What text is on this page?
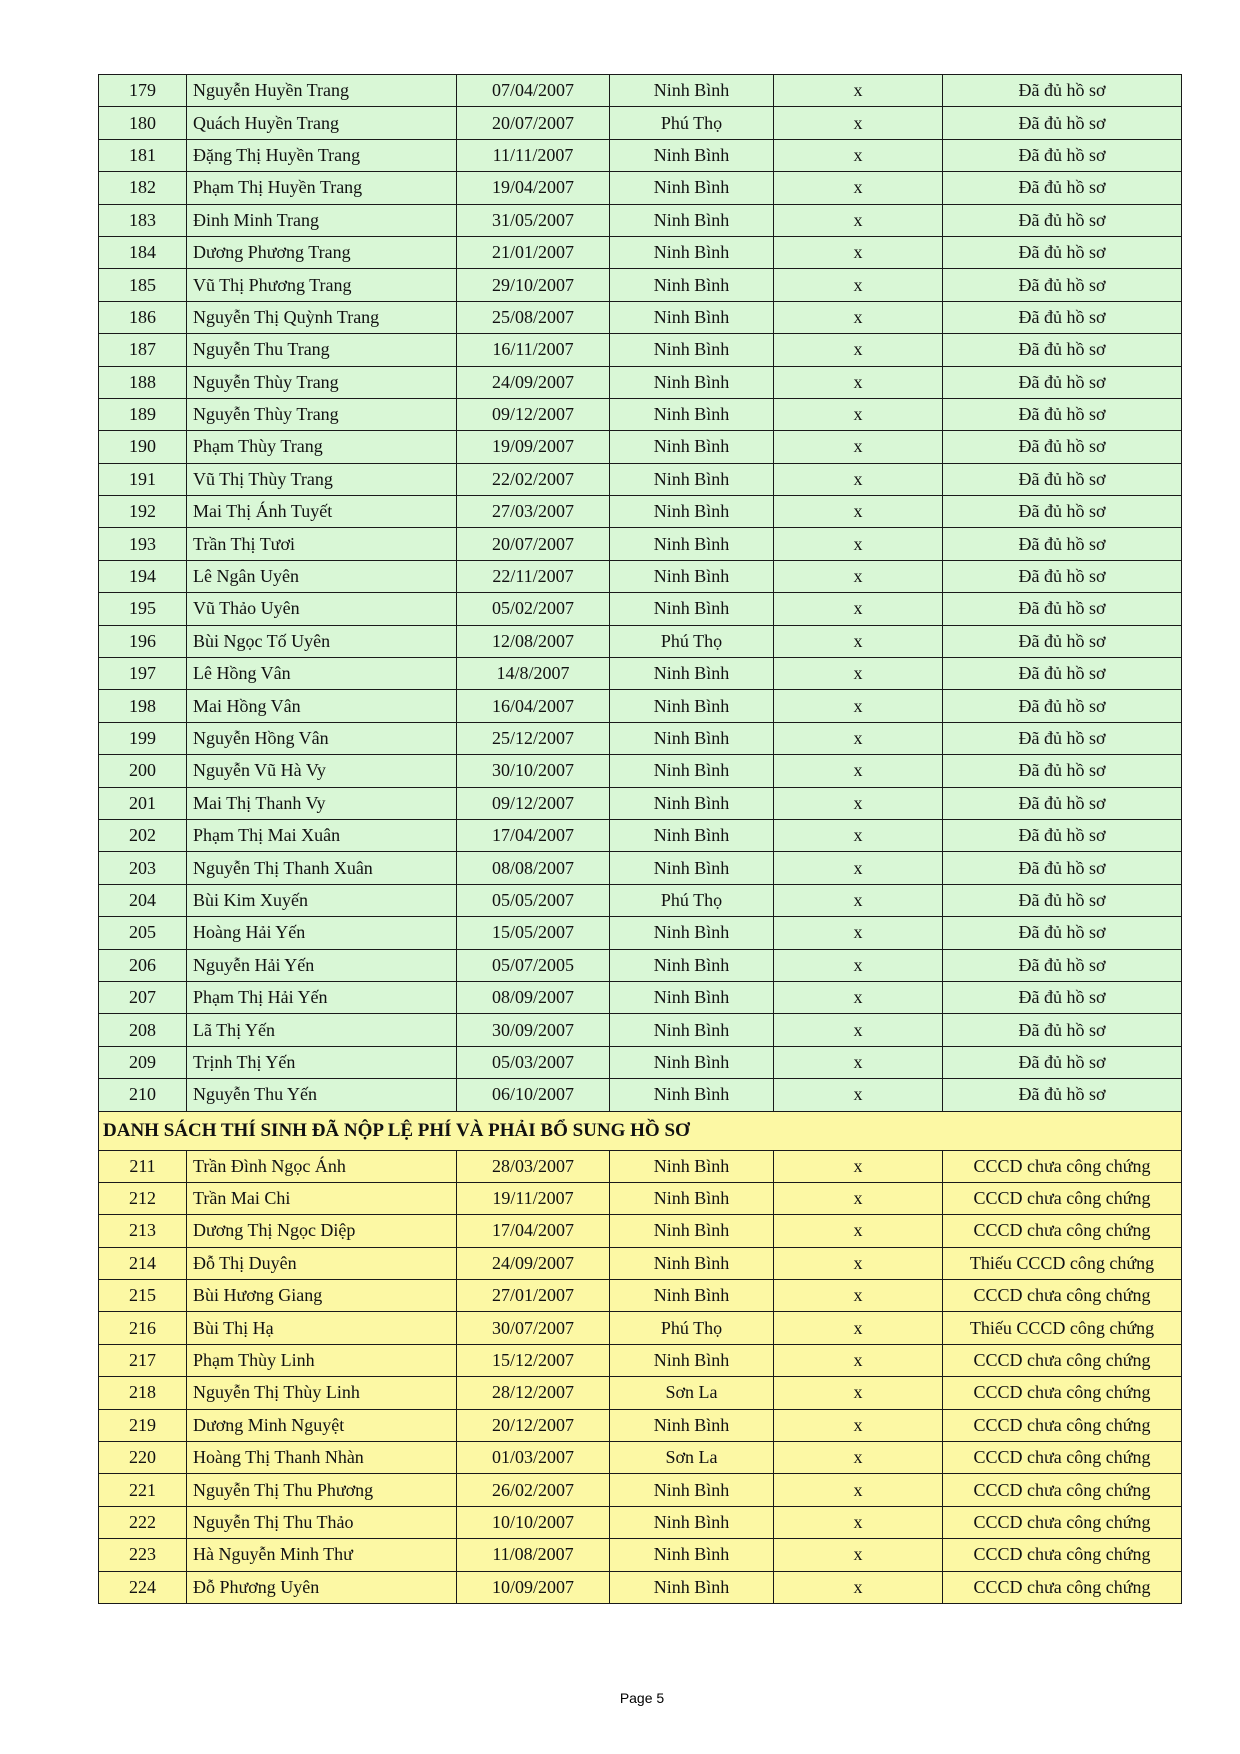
179	Nguyễn Huyền Trang	07/04/2007	Ninh Bình	x	Đã đủ hồ sơ
180	Quách Huyền Trang	20/07/2007	Phú Thọ	x	Đã đủ hồ sơ
181	Đặng Thị Huyền Trang	11/11/2007	Ninh Bình	x	Đã đủ hồ sơ
182	Phạm Thị Huyền Trang	19/04/2007	Ninh Bình	x	Đã đủ hồ sơ
183	Đinh Minh Trang	31/05/2007	Ninh Bình	x	Đã đủ hồ sơ
184	Dương Phương Trang	21/01/2007	Ninh Bình	x	Đã đủ hồ sơ
185	Vũ Thị Phương Trang	29/10/2007	Ninh Bình	x	Đã đủ hồ sơ
186	Nguyễn Thị Quỳnh Trang	25/08/2007	Ninh Bình	x	Đã đủ hồ sơ
187	Nguyễn Thu Trang	16/11/2007	Ninh Bình	x	Đã đủ hồ sơ
188	Nguyễn Thùy Trang	24/09/2007	Ninh Bình	x	Đã đủ hồ sơ
189	Nguyễn Thùy Trang	09/12/2007	Ninh Bình	x	Đã đủ hồ sơ
190	Phạm Thùy Trang	19/09/2007	Ninh Bình	x	Đã đủ hồ sơ
191	Vũ Thị Thùy Trang	22/02/2007	Ninh Bình	x	Đã đủ hồ sơ
192	Mai Thị Ánh Tuyết	27/03/2007	Ninh Bình	x	Đã đủ hồ sơ
193	Trần Thị Tươi	20/07/2007	Ninh Bình	x	Đã đủ hồ sơ
194	Lê Ngân Uyên	22/11/2007	Ninh Bình	x	Đã đủ hồ sơ
195	Vũ Thảo Uyên	05/02/2007	Ninh Bình	x	Đã đủ hồ sơ
196	Bùi Ngọc Tố Uyên	12/08/2007	Phú Thọ	x	Đã đủ hồ sơ
197	Lê Hồng Vân	14/8/2007	Ninh Bình	x	Đã đủ hồ sơ
198	Mai Hồng Vân	16/04/2007	Ninh Bình	x	Đã đủ hồ sơ
199	Nguyễn Hồng Vân	25/12/2007	Ninh Bình	x	Đã đủ hồ sơ
200	Nguyễn Vũ Hà Vy	30/10/2007	Ninh Bình	x	Đã đủ hồ sơ
201	Mai Thị Thanh Vy	09/12/2007	Ninh Bình	x	Đã đủ hồ sơ
202	Phạm Thị Mai Xuân	17/04/2007	Ninh Bình	x	Đã đủ hồ sơ
203	Nguyễn Thị Thanh Xuân	08/08/2007	Ninh Bình	x	Đã đủ hồ sơ
204	Bùi Kim Xuyến	05/05/2007	Phú Thọ	x	Đã đủ hồ sơ
205	Hoàng Hải Yến	15/05/2007	Ninh Bình	x	Đã đủ hồ sơ
206	Nguyễn Hải Yến	05/07/2005	Ninh Bình	x	Đã đủ hồ sơ
207	Phạm Thị Hải Yến	08/09/2007	Ninh Bình	x	Đã đủ hồ sơ
208	Lã Thị Yến	30/09/2007	Ninh Bình	x	Đã đủ hồ sơ
209	Trịnh Thị Yến	05/03/2007	Ninh Bình	x	Đã đủ hồ sơ
210	Nguyễn Thu Yến	06/10/2007	Ninh Bình	x	Đã đủ hồ sơ
DANH SÁCH THÍ SINH ĐÃ NỘP LỆ PHÍ VÀ PHẢI BỔ SUNG HỒ SƠ					
211	Trần Đình Ngọc Ánh	28/03/2007	Ninh Bình	x	CCCD chưa công chứng
212	Trần Mai Chi	19/11/2007	Ninh Bình	x	CCCD chưa công chứng
213	Dương Thị Ngọc Diệp	17/04/2007	Ninh Bình	x	CCCD chưa công chứng
214	Đỗ Thị Duyên	24/09/2007	Ninh Bình	x	Thiếu CCCD công chứng
215	Bùi Hương Giang	27/01/2007	Ninh Bình	x	CCCD chưa công chứng
216	Bùi Thị Hạ	30/07/2007	Phú Thọ	x	Thiếu CCCD công chứng
217	Phạm Thùy Linh	15/12/2007	Ninh Bình	x	CCCD chưa công chứng
218	Nguyễn Thị Thùy Linh	28/12/2007	Sơn La	x	CCCD chưa công chứng
219	Dương Minh Nguyệt	20/12/2007	Ninh Bình	x	CCCD chưa công chứng
220	Hoàng Thị Thanh Nhàn	01/03/2007	Sơn La	x	CCCD chưa công chứng
221	Nguyễn Thị Thu Phương	26/02/2007	Ninh Bình	x	CCCD chưa công chứng
222	Nguyễn Thị Thu Thảo	10/10/2007	Ninh Bình	x	CCCD chưa công chứng
223	Hà Nguyễn Minh Thư	11/08/2007	Ninh Bình	x	CCCD chưa công chứng
224	Đỗ Phương Uyên	10/09/2007	Ninh Bình	x	CCCD chưa công chứng
Page 5
